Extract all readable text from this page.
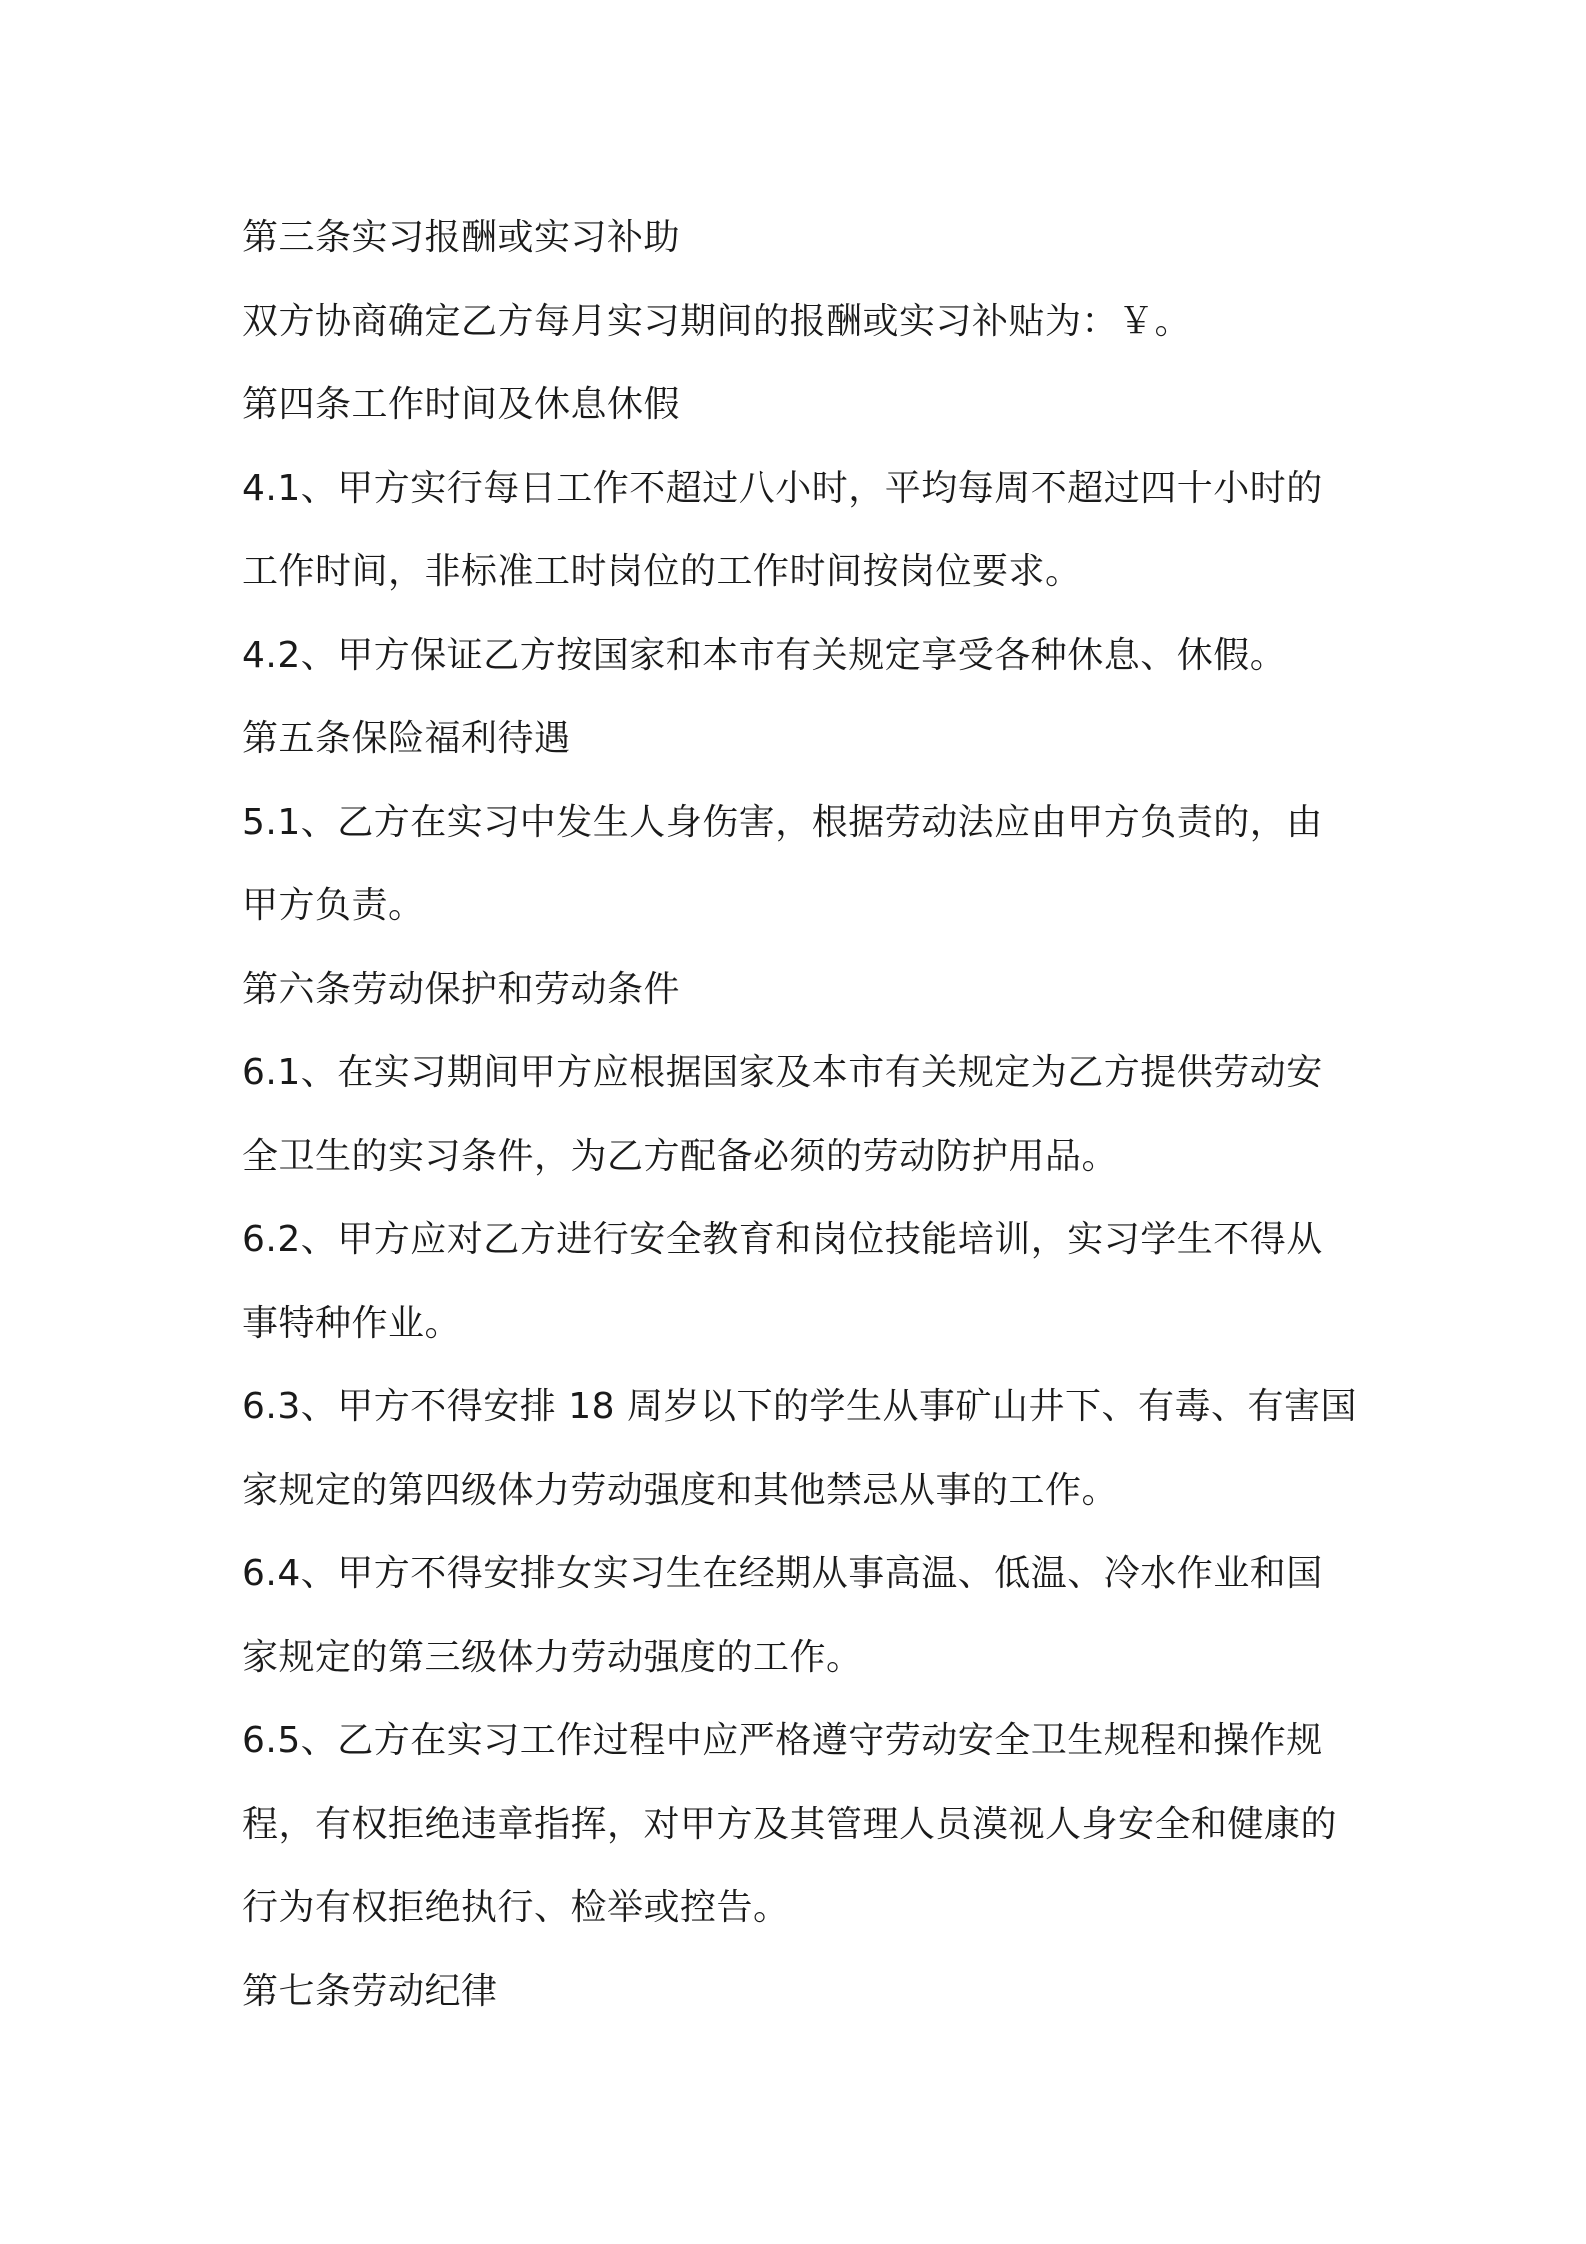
第三条实习报酬或实习补助
双方协商确定乙方每月实习期间的报酬或实习补贴为：￥。
第四条工作时间及休息休假
4.1、甲方实行每日工作不超过八小时，平均每周不超过四十小时的
工作时间，非标准工时岗位的工作时间按岗位要求。
4.2、甲方保证乙方按国家和本市有关规定享受各种休息、休假。
第五条保险福利待遇
5.1、乙方在实习中发生人身伤害，根据劳动法应由甲方负责的，由
甲方负责。
第六条劳动保护和劳动条件
6.1、在实习期间甲方应根据国家及本市有关规定为乙方提供劳动安
全卫生的实习条件，为乙方配备必须的劳动防护用品。
6.2、甲方应对乙方进行安全教育和岗位技能培训，实习学生不得从
事特种作业。
6.3、甲方不得安排 18 周岁以下的学生从事矿山井下、有毒、有害国
家规定的第四级体力劳动强度和其他禁忌从事的工作。
6.4、甲方不得安排女实习生在经期从事高温、低温、冷水作业和国
家规定的第三级体力劳动强度的工作。
6.5、乙方在实习工作过程中应严格遵守劳动安全卫生规程和操作规
程，有权拒绝违章指挥，对甲方及其管理人员漠视人身安全和健康的
行为有权拒绝执行、检举或控告。
第七条劳动纪律
